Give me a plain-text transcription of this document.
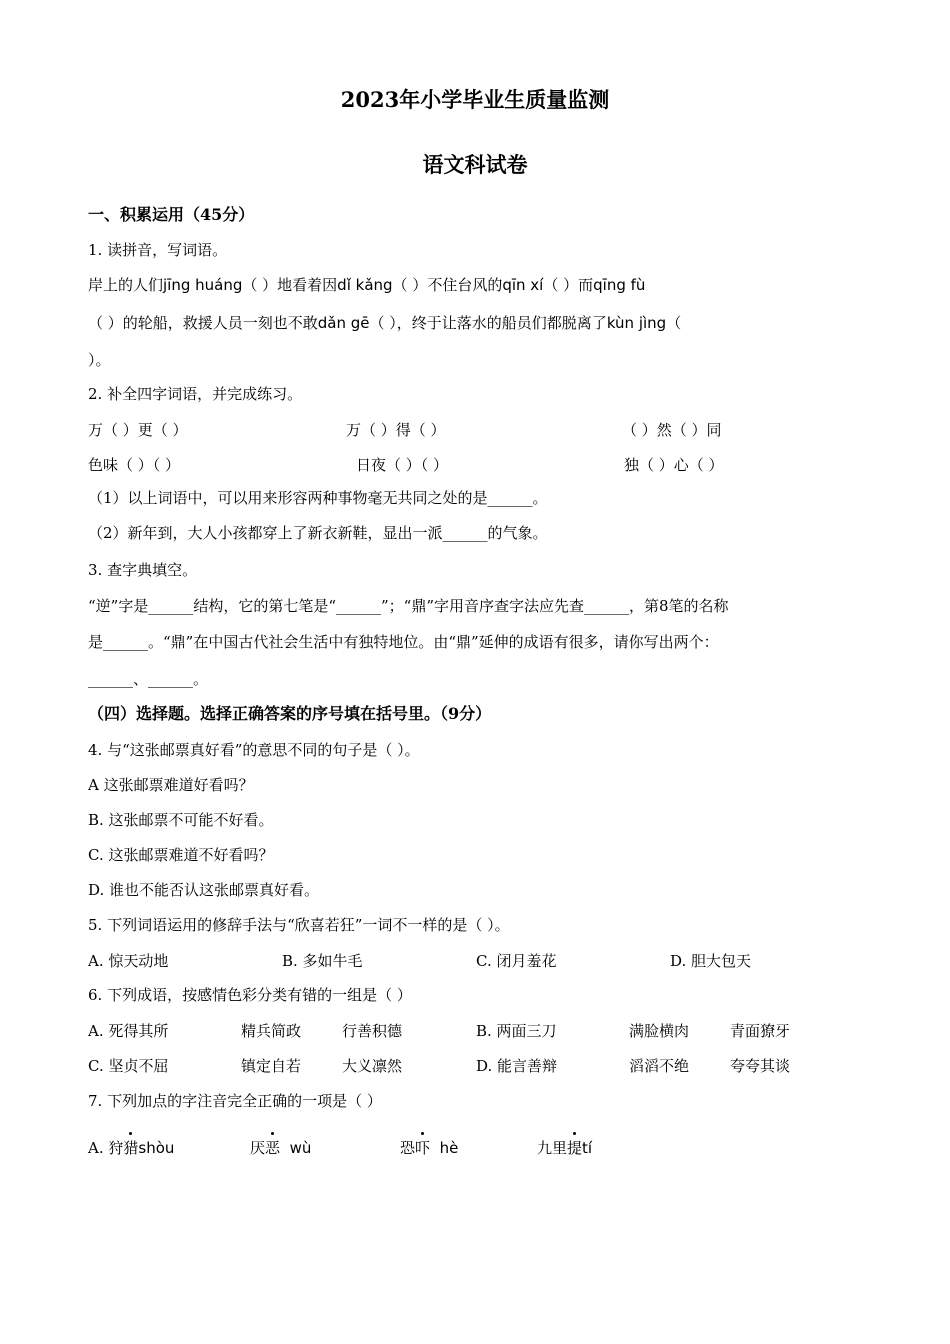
2023年小学毕业生质量监测
语文科试卷
一、积累运用（45分）
1. 读拼音，写词语。
岸上的人们jīng huáng（ ）地看着因dǐ kǎng（ ）不住台风的qīn xí（ ）而qīng fù
（ ）的轮船，救援人员一刻也不敢dǎn gē（ ），终于让落水的船员们都脱离了kùn jìng（
）。
2. 补全四字词语，并完成练习。
万（ ）更（ ）	万（ ）得（ ）	（ ）然（ ）同
色味（ ）（ ）	日夜（ ）（ ）	独（ ）心（ ）
（1）以上词语中，可以用来形容两种事物毫无共同之处的是______。
（2）新年到，大人小孩都穿上了新衣新鞋，显出一派______的气象。
3. 查字典填空。
“逆”字是______结构，它的第七笔是“______”；“鼎”字用音序查字法应先查______，第8笔的名称
是______。“鼎”在中国古代社会生活中有独特地位。由“鼎”延伸的成语有很多，请你写出两个：
______、______。
（四）选择题。选择正确答案的序号填在括号里。（9分）
4. 与“这张邮票真好看”的意思不同的句子是（ ）。
A 这张邮票难道好看吗？
B. 这张邮票不可能不好看。
C. 这张邮票难道不好看吗？
D. 谁也不能否认这张邮票真好看。
5. 下列词语运用的修辞手法与“欣喜若狂”一词不一样的是（ ）。
A. 惊天动地	B. 多如牛毛	C. 闭月羞花	D. 胆大包天
6. 下列成语，按感情色彩分类有错的一组是（ ）
A. 死得其所	精兵简政	行善积德	B. 两面三刀	满脸横肉	青面獠牙
C. 坚贞不屈	镇定自若	大义凛然	D. 能言善辩	滔滔不绝	夸夸其谈
7. 下列加点的字注音完全正确的一项是（ ）
A. 狩猎shòu	厌恶 wù	恐吓 hè	九里提tí
